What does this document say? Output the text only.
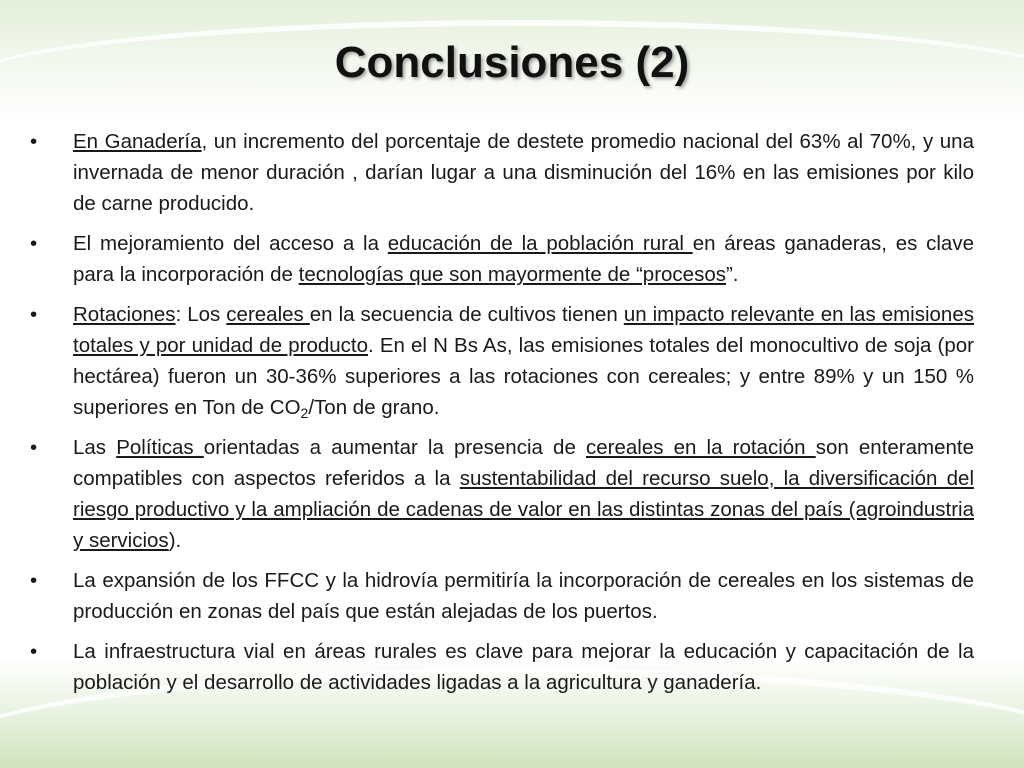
Conclusiones (2)
•	En Ganadería, un incremento del porcentaje de destete promedio nacional del 63% al 70%, y una invernada de menor duración , darían lugar a una disminución del 16% en las emisiones por kilo de carne producido.
•	El mejoramiento del acceso a la educación de la población rural en áreas ganaderas, es clave para la incorporación de tecnologías que son mayormente de “procesos”.
•	Rotaciones: Los cereales en la secuencia de cultivos tienen un impacto relevante en las emisiones totales y por unidad de producto. En el N Bs As, las emisiones totales del monocultivo de soja (por hectárea) fueron un 30-36% superiores a las rotaciones con cereales; y entre 89% y un 150 % superiores en Ton de $CO_2$/Ton de grano.
•	Las Políticas orientadas a aumentar la presencia de cereales en la rotación son enteramente compatibles con aspectos referidos a la sustentabilidad del recurso suelo, la diversificación del riesgo productivo y la ampliación de cadenas de valor en las distintas zonas del país (agroindustria y servicios).
•	La expansión de los FFCC y la hidrovía permitiría la incorporación de cereales en los sistemas de producción en zonas del país que están alejadas de los puertos.
•	La infraestructura vial en áreas rurales es clave para mejorar la educación y capacitación de la población y el desarrollo de actividades ligadas a la agricultura y ganadería.
